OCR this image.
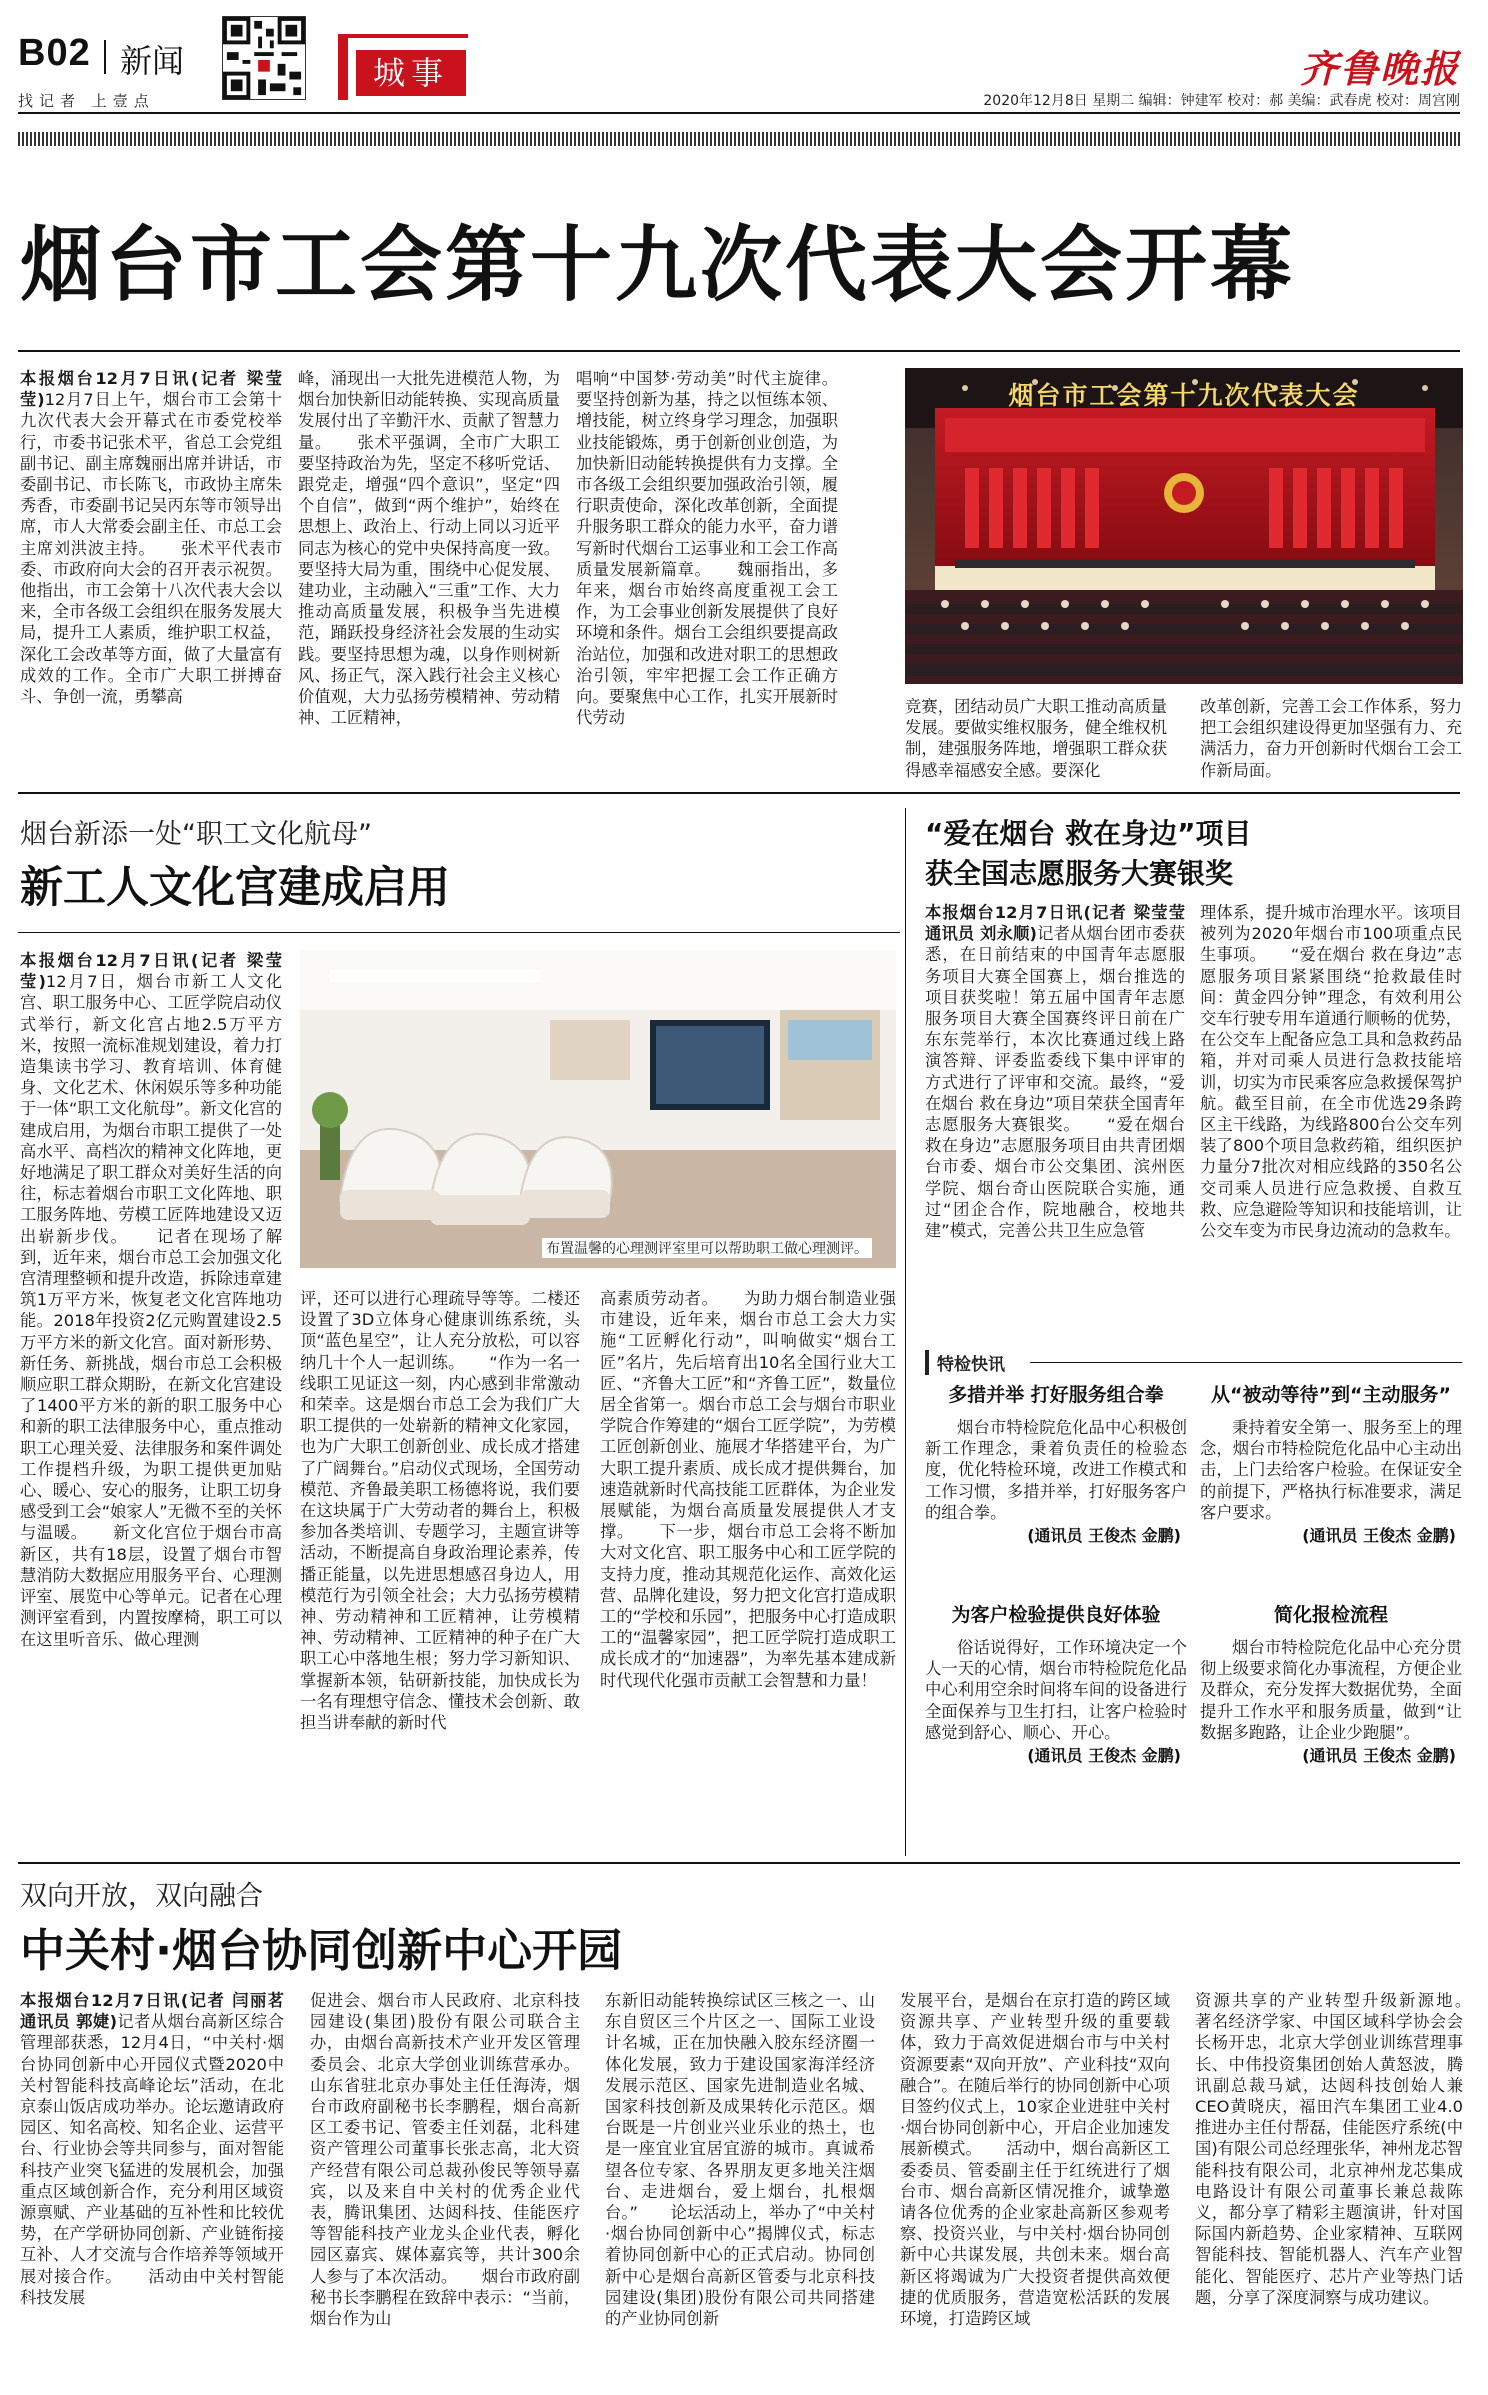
B02 新闻
找记者 上壹点
城事	齐鲁晚报
2020年12月8日 星期二 编辑：钟建军 校对：郝 美编：武春虎 校对：周宫刚
烟台市工会第十九次代表大会开幕
本报烟台12月7日讯(记者 梁莹莹)12月7日上午，烟台市工会第十九次代表大会开幕式在市委党校举行，市委书记张术平，省总工会党组副书记、副主席魏丽出席并讲话，市委副书记、市长陈飞，市政协主席朱秀香，市委副书记吴丙东等市领导出席，市人大常委会副主任、市总工会主席刘洪波主持。　　张术平代表市委、市政府向大会的召开表示祝贺。他指出，市工会第十八次代表大会以来，全市各级工会组织在服务发展大局，提升工人素质，维护职工权益，深化工会改革等方面，做了大量富有成效的工作。全市广大职工拼搏奋斗、争创一流，勇攀高
峰，涌现出一大批先进模范人物，为烟台加快新旧动能转换、实现高质量发展付出了辛勤汗水、贡献了智慧力量。　　张术平强调，全市广大职工要坚持政治为先，坚定不移听党话、跟党走，增强“四个意识”，坚定“四个自信”，做到“两个维护”，始终在思想上、政治上、行动上同以习近平同志为核心的党中央保持高度一致。要坚持大局为重，围绕中心促发展、建功业，主动融入“三重”工作、大力推动高质量发展，积极争当先进模范，踊跃投身经济社会发展的生动实践。要坚持思想为魂，以身作则树新风、扬正气，深入践行社会主义核心价值观，大力弘扬劳模精神、劳动精神、工匠精神，
唱响“中国梦·劳动美”时代主旋律。要坚持创新为基，持之以恒练本领、增技能，树立终身学习理念，加强职业技能锻炼，勇于创新创业创造，为加快新旧动能转换提供有力支撑。全市各级工会组织要加强政治引领，履行职责使命，深化改革创新，全面提升服务职工群众的能力水平，奋力谱写新时代烟台工运事业和工会工作高质量发展新篇章。　　魏丽指出，多年来，烟台市始终高度重视工会工作，为工会事业创新发展提供了良好环境和条件。烟台工会组织要提高政治站位，加强和改进对职工的思想政治引领，牢牢把握工会工作正确方向。要聚焦中心工作，扎实开展新时代劳动
烟台市工会第十九次代表大会
竞赛，团结动员广大职工推动高质量发展。要做实维权服务，健全维权机制，建强服务阵地，增强职工群众获得感幸福感安全感。要深化
改革创新，完善工会工作体系，努力把工会组织建设得更加坚强有力、充满活力，奋力开创新时代烟台工会工作新局面。
烟台新添一处“职工文化航母”
新工人文化宫建成启用
本报烟台12月7日讯(记者 梁莹莹)12月7日，烟台市新工人文化宫、职工服务中心、工匠学院启动仪式举行，新文化宫占地2.5万平方米，按照一流标准规划建设，着力打造集读书学习、教育培训、体育健身、文化艺术、休闲娱乐等多种功能于一体“职工文化航母”。新文化宫的建成启用，为烟台市职工提供了一处高水平、高档次的精神文化阵地，更好地满足了职工群众对美好生活的向往，标志着烟台市职工文化阵地、职工服务阵地、劳模工匠阵地建设又迈出崭新步伐。　　记者在现场了解到，近年来，烟台市总工会加强文化宫清理整顿和提升改造，拆除违章建筑1万平方米，恢复老文化宫阵地功能。2018年投资2亿元购置建设2.5万平方米的新文化宫。面对新形势、新任务、新挑战，烟台市总工会积极顺应职工群众期盼，在新文化宫建设了1400平方米的新的职工服务中心和新的职工法律服务中心，重点推动职工心理关爱、法律服务和案件调处工作提档升级，为职工提供更加贴心、暖心、安心的服务，让职工切身感受到工会“娘家人”无微不至的关怀与温暖。　　新文化宫位于烟台市高新区，共有18层，设置了烟台市智慧消防大数据应用服务平台、心理测评室、展览中心等单元。记者在心理测评室看到，内置按摩椅，职工可以在这里听音乐、做心理测
布置温馨的心理测评室里可以帮助职工做心理测评。
评，还可以进行心理疏导等等。二楼还设置了3D立体身心健康训练系统，头顶“蓝色星空”，让人充分放松，可以容纳几十个人一起训练。　　“作为一名一线职工见证这一刻，内心感到非常激动和荣幸。这是烟台市总工会为我们广大职工提供的一处崭新的精神文化家园，也为广大职工创新创业、成长成才搭建了广阔舞台。”启动仪式现场，全国劳动模范、齐鲁最美职工杨德将说，我们要在这块属于广大劳动者的舞台上，积极参加各类培训、专题学习，主题宣讲等活动，不断提高自身政治理论素养，传播正能量，以先进思想感召身边人，用模范行为引领全社会；大力弘扬劳模精神、劳动精神和工匠精神，让劳模精神、劳动精神、工匠精神的种子在广大职工心中落地生根；努力学习新知识、掌握新本领，钻研新技能，加快成长为一名有理想守信念、懂技术会创新、敢担当讲奉献的新时代
高素质劳动者。　　为助力烟台制造业强市建设，近年来，烟台市总工会大力实施“工匠孵化行动”，叫响做实“烟台工匠”名片，先后培育出10名全国行业大工匠、“齐鲁大工匠”和“齐鲁工匠”，数量位居全省第一。烟台市总工会与烟台市职业学院合作筹建的“烟台工匠学院”，为劳模工匠创新创业、施展才华搭建平台，为广大职工提升素质、成长成才提供舞台，加速造就新时代高技能工匠群体，为企业发展赋能，为烟台高质量发展提供人才支撑。　　下一步，烟台市总工会将不断加大对文化宫、职工服务中心和工匠学院的支持力度，推动其规范化运作、高效化运营、品牌化建设，努力把文化宫打造成职工的“学校和乐园”，把服务中心打造成职工的“温馨家园”，把工匠学院打造成职工成长成才的“加速器”，为率先基本建成新时代现代化强市贡献工会智慧和力量！
“爱在烟台 救在身边”项目
获全国志愿服务大赛银奖
本报烟台12月7日讯(记者 梁莹莹 通讯员 刘永顺)记者从烟台团市委获悉，在日前结束的中国青年志愿服务项目大赛全国赛上，烟台推选的项目获奖啦！第五届中国青年志愿服务项目大赛全国赛终评日前在广东东莞举行，本次比赛通过线上路演答辩、评委监委线下集中评审的方式进行了评审和交流。最终，“爱在烟台 救在身边”项目荣获全国青年志愿服务大赛银奖。　　“爱在烟台 救在身边”志愿服务项目由共青团烟台市委、烟台市公交集团、滨州医学院、烟台奇山医院联合实施，通过“团企合作，院地融合，校地共建”模式，完善公共卫生应急管
理体系，提升城市治理水平。该项目被列为2020年烟台市100项重点民生事项。　　“爱在烟台 救在身边”志愿服务项目紧紧围绕“抢救最佳时间：黄金四分钟”理念，有效利用公交车行驶专用车道通行顺畅的优势，在公交车上配备应急工具和急救药品箱，并对司乘人员进行急救技能培训，切实为市民乘客应急救援保驾护航。截至目前，在全市优选29条跨区主干线路，为线路800台公交车列装了800个项目急救药箱，组织医护力量分7批次对相应线路的350名公交司乘人员进行应急救援、自救互救、应急避险等知识和技能培训，让公交车变为市民身边流动的急救车。
特检快讯
多措并举 打好服务组合拳
烟台市特检院危化品中心积极创新工作理念，秉着负责任的检验态度，优化特检环境，改进工作模式和工作习惯，多措并举，打好服务客户的组合拳。
(通讯员 王俊杰 金鹏)
从“被动等待”到“主动服务”
秉持着安全第一、服务至上的理念，烟台市特检院危化品中心主动出击，上门去给客户检验。在保证安全的前提下，严格执行标准要求，满足客户要求。
(通讯员 王俊杰 金鹏)
为客户检验提供良好体验
俗话说得好，工作环境决定一个人一天的心情，烟台市特检院危化品中心利用空余时间将车间的设备进行全面保养与卫生打扫，让客户检验时感觉到舒心、顺心、开心。
(通讯员 王俊杰 金鹏)
简化报检流程
烟台市特检院危化品中心充分贯彻上级要求简化办事流程，方便企业及群众，充分发挥大数据优势，全面提升工作水平和服务质量，做到“让数据多跑路，让企业少跑腿”。
(通讯员 王俊杰 金鹏)
双向开放，双向融合
中关村·烟台协同创新中心开园
本报烟台12月7日讯(记者 闫丽茗 通讯员 郭婕)记者从烟台高新区综合管理部获悉，12月4日，“中关村·烟台协同创新中心开园仪式暨2020中关村智能科技高峰论坛”活动，在北京泰山饭店成功举办。论坛邀请政府园区、知名高校、知名企业、运营平台、行业协会等共同参与，面对智能科技产业突飞猛进的发展机会，加强重点区域创新合作，充分利用区域资源禀赋、产业基础的互补性和比较优势，在产学研协同创新、产业链衔接互补、人才交流与合作培养等领域开展对接合作。　　活动由中关村智能科技发展
促进会、烟台市人民政府、北京科技园建设(集团)股份有限公司联合主办，由烟台高新技术产业开发区管理委员会、北京大学创业训练营承办。山东省驻北京办事处主任任海涛，烟台市政府副秘书长李鹏程，烟台高新区工委书记、管委主任刘磊，北科建资产管理公司董事长张志高，北大资产经营有限公司总裁孙俊民等领导嘉宾，以及来自中关村的优秀企业代表，腾讯集团、达闼科技、佳能医疗等智能科技产业龙头企业代表，孵化园区嘉宾、媒体嘉宾等，共计300余人参与了本次活动。　　烟台市政府副秘书长李鹏程在致辞中表示：“当前，烟台作为山
东新旧动能转换综试区三核之一、山东自贸区三个片区之一、国际工业设计名城，正在加快融入胶东经济圈一体化发展，致力于建设国家海洋经济发展示范区、国家先进制造业名城、国家科技创新及成果转化示范区。烟台既是一片创业兴业乐业的热土，也是一座宜业宜居宜游的城市。真诚希望各位专家、各界朋友更多地关注烟台、走进烟台，爱上烟台，扎根烟台。”　　论坛活动上，举办了“中关村·烟台协同创新中心”揭牌仪式，标志着协同创新中心的正式启动。协同创新中心是烟台高新区管委与北京科技园建设(集团)股份有限公司共同搭建的产业协同创新
发展平台，是烟台在京打造的跨区域资源共享、产业转型升级的重要载体，致力于高效促进烟台市与中关村资源要素“双向开放”、产业科技“双向融合”。在随后举行的协同创新中心项目签约仪式上，10家企业进驻中关村·烟台协同创新中心，开启企业加速发展新模式。　　活动中，烟台高新区工委委员、管委副主任于红统进行了烟台市、烟台高新区情况推介，诚挚邀请各位优秀的企业家赴高新区参观考察、投资兴业，与中关村·烟台协同创新中心共谋发展，共创未来。烟台高新区将竭诚为广大投资者提供高效便捷的优质服务，营造宽松活跃的发展环境，打造跨区域
资源共享的产业转型升级新源地。　　著名经济学家、中国区域科学协会会长杨开忠，北京大学创业训练营理事长、中伟投资集团创始人黄怒波，腾讯副总裁马斌，达闼科技创始人兼CEO黄晓庆，福田汽车集团工业4.0推进办主任付帮磊，佳能医疗系统(中国)有限公司总经理张华，神州龙芯智能科技有限公司，北京神州龙芯集成电路设计有限公司董事长兼总裁陈义，都分享了精彩主题演讲，针对国际国内新趋势、企业家精神、互联网智能科技、智能机器人、汽车产业智能化、智能医疗、芯片产业等热门话题，分享了深度洞察与成功建议。
